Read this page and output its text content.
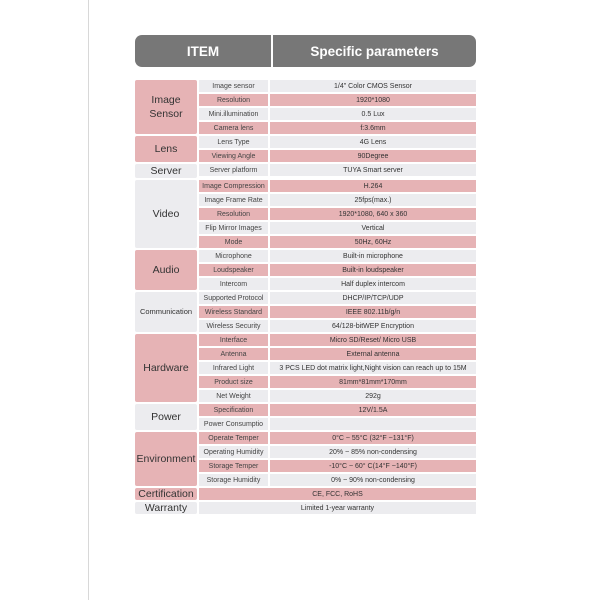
ITEM	Specific parameters
Image
Sensor
Image sensor	1/4" Color CMOS Sensor
Resolution	1920*1080
Mini.illumination	0.5 Lux
Camera lens	f:3.6mm
Lens
Lens Type	4G Lens
Viewing Angle	90Degree
Server	Server platform	TUYA Smart server
Video
Image Compression	H.264
Image Frame Rate	25fps(max.)
Resolution	1920*1080, 640 x 360
Flip Mirror Images	Vertical
Mode	50Hz, 60Hz
Audio
Microphone	Built-in microphone
Loudspeaker	Built-in loudspeaker
Intercom	Half duplex intercom
Communication
Supported Protocol	DHCP/IP/TCP/UDP
Wireless Standard	IEEE 802.11b/g/n
Wireless Security	64/128-bitWEP Encryption
Hardware
Interface	Micro SD/Reset/ Micro USB
Antenna	External antenna
Infrared Light	3 PCS LED dot matrix light,Night vision can reach up to 15M
Product size	81mm*81mm*170mm
Net Weight	292g
Power
Specification	12V/1.5A
Power Consumptio
Environment
Operate Temper	0°C ~ 55°C (32°F ~131°F)
Operating Humidity	20% ~ 85% non-condensing
Storage Temper	-10°C ~ 60° C(14°F ~140°F)
Storage Humidity	0% ~ 90% non-condensing
Certification	CE, FCC, RoHS
Warranty	Limited 1-year warranty
